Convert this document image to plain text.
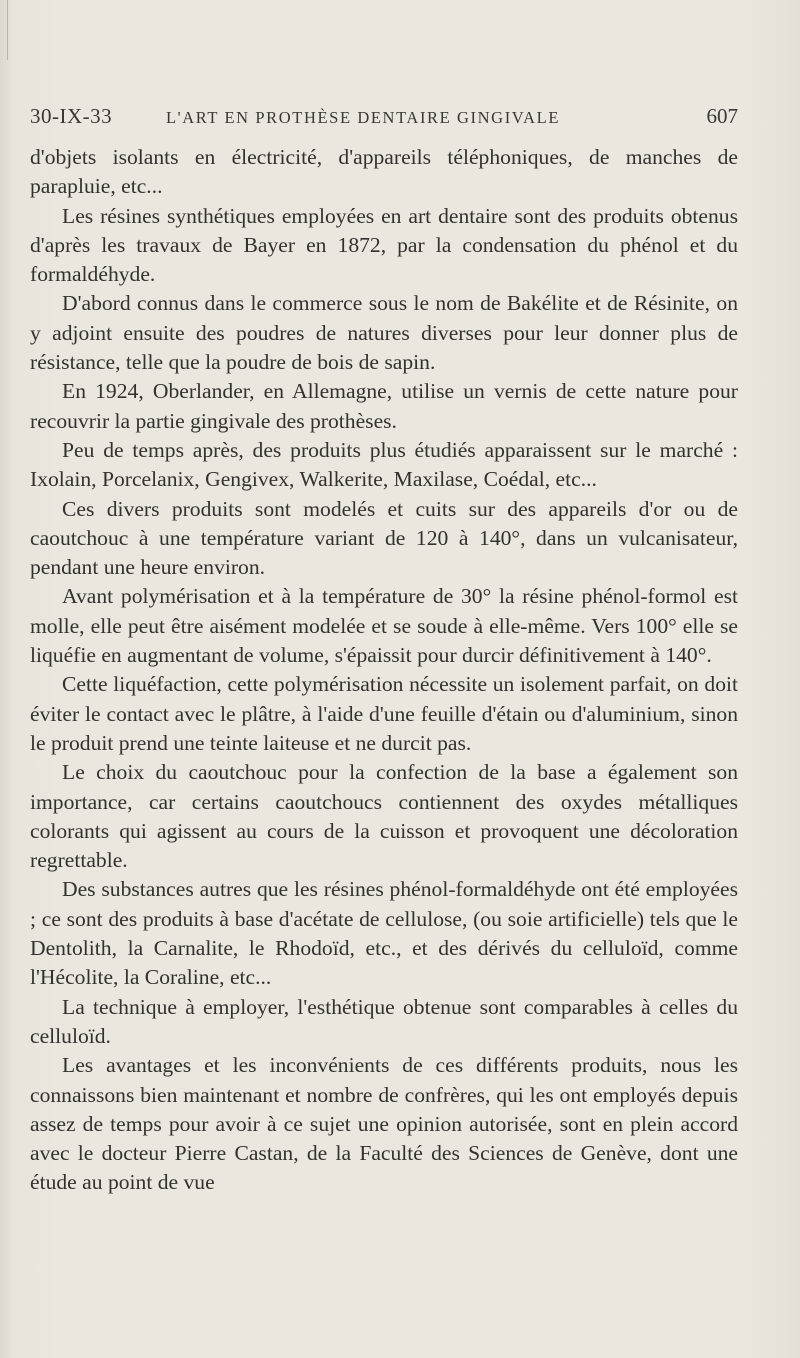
30-IX-33	L'ART EN PROTHÈSE DENTAIRE GINGIVALE	607

d'objets isolants en électricité, d'appareils téléphoniques, de manches de parapluie, etc...

Les résines synthétiques employées en art dentaire sont des produits obtenus d'après les travaux de Bayer en 1872, par la condensation du phénol et du formaldéhyde.

D'abord connus dans le commerce sous le nom de Bakélite et de Résinite, on y adjoint ensuite des poudres de natures diverses pour leur donner plus de résistance, telle que la poudre de bois de sapin.

En 1924, Oberlander, en Allemagne, utilise un vernis de cette nature pour recouvrir la partie gingivale des prothèses.

Peu de temps après, des produits plus étudiés apparaissent sur le marché : Ixolain, Porcelanix, Gengivex, Walkerite, Maxilase, Coédal, etc...

Ces divers produits sont modelés et cuits sur des appareils d'or ou de caoutchouc à une température variant de 120 à 140°, dans un vulcanisateur, pendant une heure environ.

Avant polymérisation et à la température de 30° la résine phénol-formol est molle, elle peut être aisément modelée et se soude à elle-même. Vers 100° elle se liquéfie en augmentant de volume, s'épaissit pour durcir définitivement à 140°.

Cette liquéfaction, cette polymérisation nécessite un isolement parfait, on doit éviter le contact avec le plâtre, à l'aide d'une feuille d'étain ou d'aluminium, sinon le produit prend une teinte laiteuse et ne durcit pas.

Le choix du caoutchouc pour la confection de la base a également son importance, car certains caoutchoucs contiennent des oxydes métalliques colorants qui agissent au cours de la cuisson et provoquent une décoloration regrettable.

Des substances autres que les résines phénol-formaldéhyde ont été employées ; ce sont des produits à base d'acétate de cellulose, (ou soie artificielle) tels que le Dentolith, la Carnalite, le Rhodoïd, etc., et des dérivés du celluloïd, comme l'Hécolite, la Coraline, etc...

La technique à employer, l'esthétique obtenue sont comparables à celles du celluloïd.

Les avantages et les inconvénients de ces différents produits, nous les connaissons bien maintenant et nombre de confrères, qui les ont employés depuis assez de temps pour avoir à ce sujet une opinion autorisée, sont en plein accord avec le docteur Pierre Castan, de la Faculté des Sciences de Genève, dont une étude au point de vue
